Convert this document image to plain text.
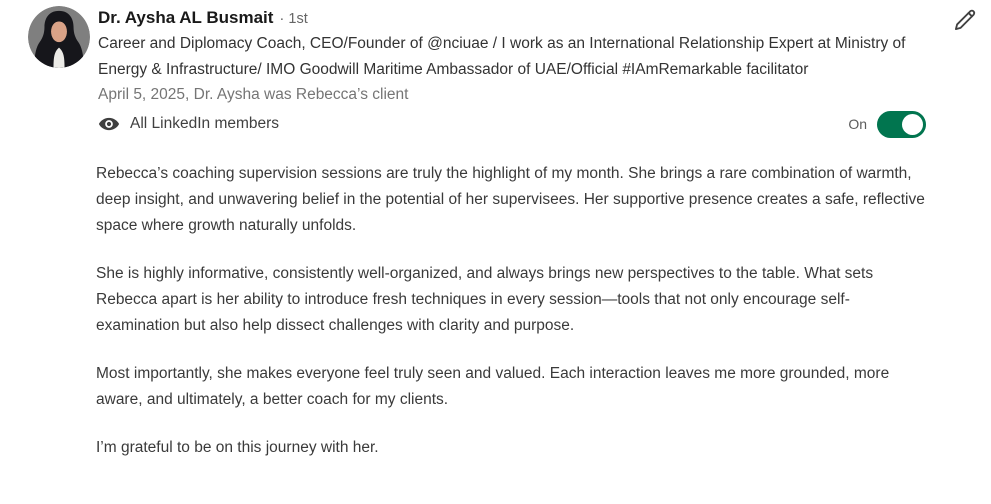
Dr. Aysha AL Busmait · 1st
Career and Diplomacy Coach, CEO/Founder of @nciuae / I work as an International Relationship Expert at Ministry of Energy & Infrastructure/ IMO Goodwill Maritime Ambassador of UAE/Official #IAmRemarkable facilitator
April 5, 2025, Dr. Aysha was Rebecca’s client
All LinkedIn members	On

Rebecca’s coaching supervision sessions are truly the highlight of my month. She brings a rare combination of warmth, deep insight, and unwavering belief in the potential of her supervisees. Her supportive presence creates a safe, reflective space where growth naturally unfolds.

She is highly informative, consistently well-organized, and always brings new perspectives to the table. What sets Rebecca apart is her ability to introduce fresh techniques in every session—tools that not only encourage self-examination but also help dissect challenges with clarity and purpose.

Most importantly, she makes everyone feel truly seen and valued. Each interaction leaves me more grounded, more aware, and ultimately, a better coach for my clients.

I’m grateful to be on this journey with her.
